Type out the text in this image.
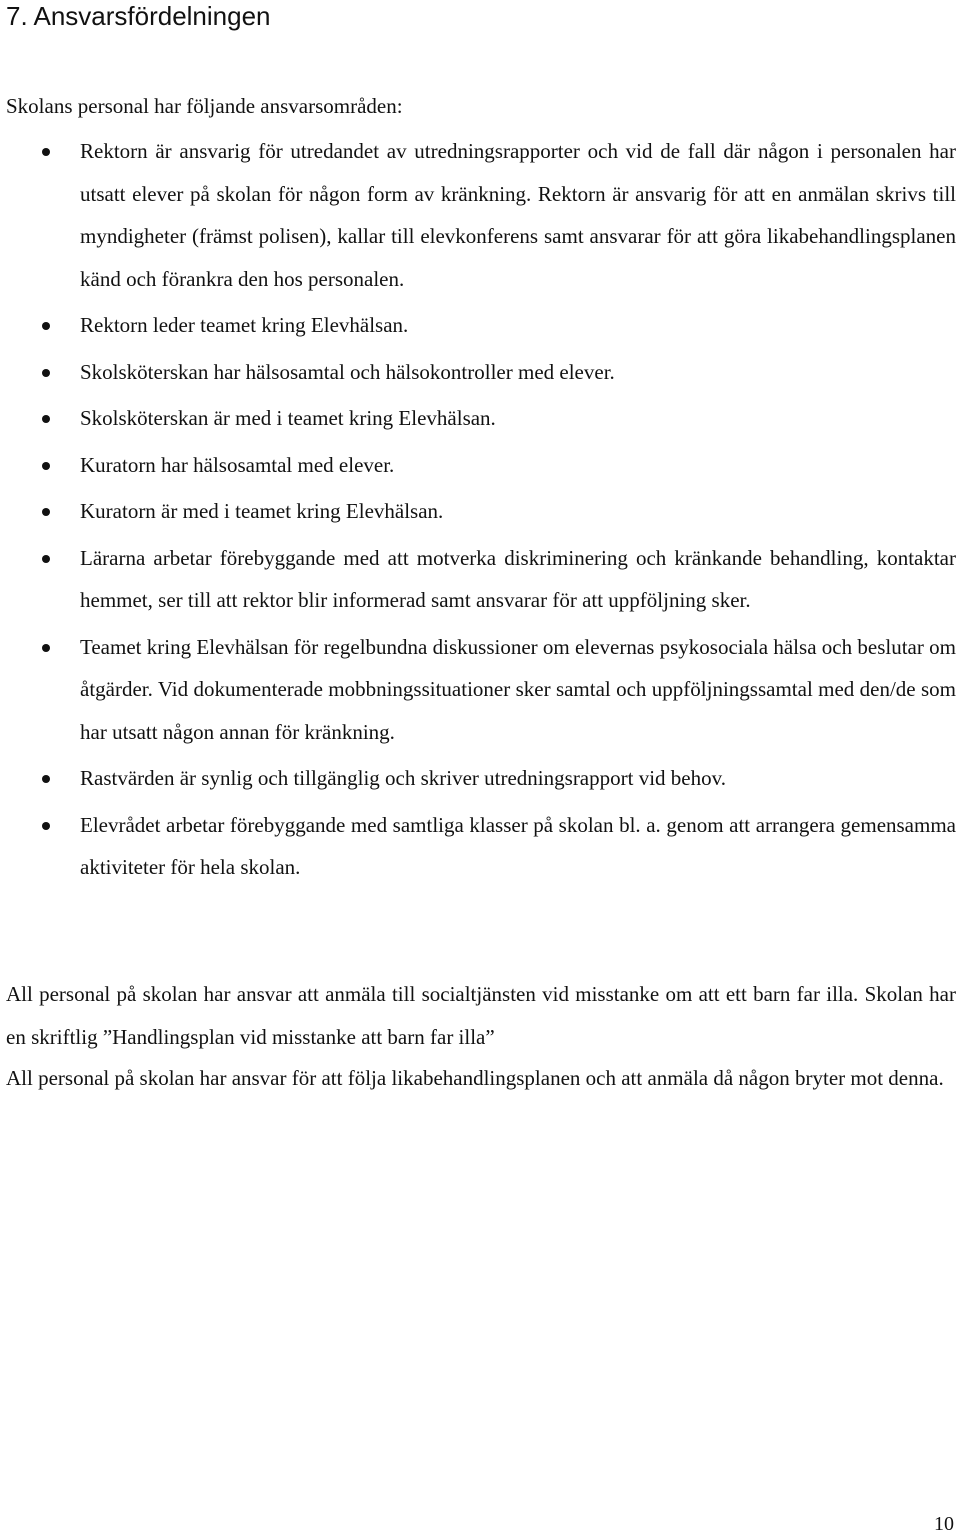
7. Ansvarsfördelningen

Skolans personal har följande ansvarsområden:

Rektorn är ansvarig för utredandet av utredningsrapporter och vid de fall där någon i personalen har utsatt elever på skolan för någon form av kränkning. Rektorn är ansvarig för att en anmälan skrivs till myndigheter (främst polisen), kallar till elevkonferens samt ansvarar för att göra likabehandlingsplanen känd och förankra den hos personalen.
Rektorn leder teamet kring Elevhälsan.
Skolsköterskan har hälsosamtal och hälsokontroller med elever.
Skolsköterskan är med i teamet kring Elevhälsan.
Kuratorn har hälsosamtal med elever.
Kuratorn är med i teamet kring Elevhälsan.
Lärarna arbetar förebyggande med att motverka diskriminering och kränkande behandling, kontaktar hemmet, ser till att rektor blir informerad samt ansvarar för att uppföljning sker.
Teamet kring Elevhälsan för regelbundna diskussioner om elevernas psykosociala hälsa och beslutar om åtgärder. Vid dokumenterade mobbningssituationer sker samtal och uppföljningssamtal med den/de som har utsatt någon annan för kränkning.
Rastvärden är synlig och tillgänglig och skriver utredningsrapport vid behov.
Elevrådet arbetar förebyggande med samtliga klasser på skolan bl. a. genom att arrangera gemensamma aktiviteter för hela skolan.

All personal på skolan har ansvar att anmäla till socialtjänsten vid misstanke om att ett barn far illa. Skolan har en skriftlig ”Handlingsplan vid misstanke att barn far illa”

All personal på skolan har ansvar för att följa likabehandlingsplanen och att anmäla då någon bryter mot denna.

10
